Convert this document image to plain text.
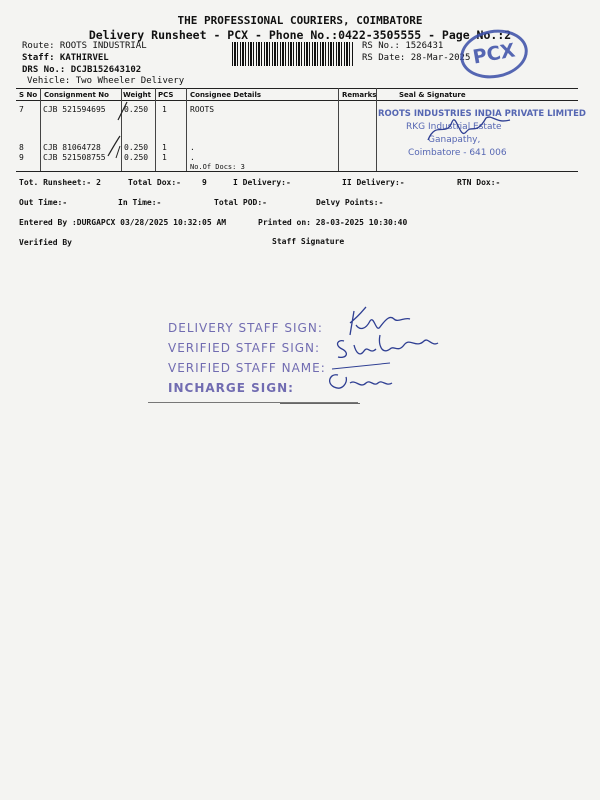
THE PROFESSIONAL COURIERS, COIMBATORE
Delivery Runsheet - PCX - Phone No.:0422-3505555 - Page No.:2
Route: ROOTS INDUSTRIAL
Staff: KATHIRVEL
DRS No.: DCJB152643102
Vehicle: Two Wheeler Delivery
RS No.: 1526431
RS Date: 28-Mar-2025 PCX
S No Consignment No Weight PCS Consignee Details	Remarks	Seal & Signature
7 CJB 521594695 0.250 1	ROOTS
8 CJB 81064728	0.250 1	.
9 CJB 521508755 0.250 1	.
No.Of Docs: 3
ROOTS INDUSTRIES INDIA PRIVATE LIMITED
RKG Industrial Estate
Ganapathy,
Coimbatore - 641 006
Tot. Runsheet:- 2	Total Dox:-	9	I Delivery:-	II Delivery:-	RTN Dox:-
Out Time:-	In Time:-	Total POD:-	Delvy Points:-
Entered By :DURGAPCX 03/28/2025 10:32:05 AM	Printed on: 28-03-2025 10:30:40
Verified By	Staff Signature
DELIVERY STAFF SIGN:
VERIFIED STAFF SIGN:
VERIFIED STAFF NAME:
INCHARGE SIGN:
